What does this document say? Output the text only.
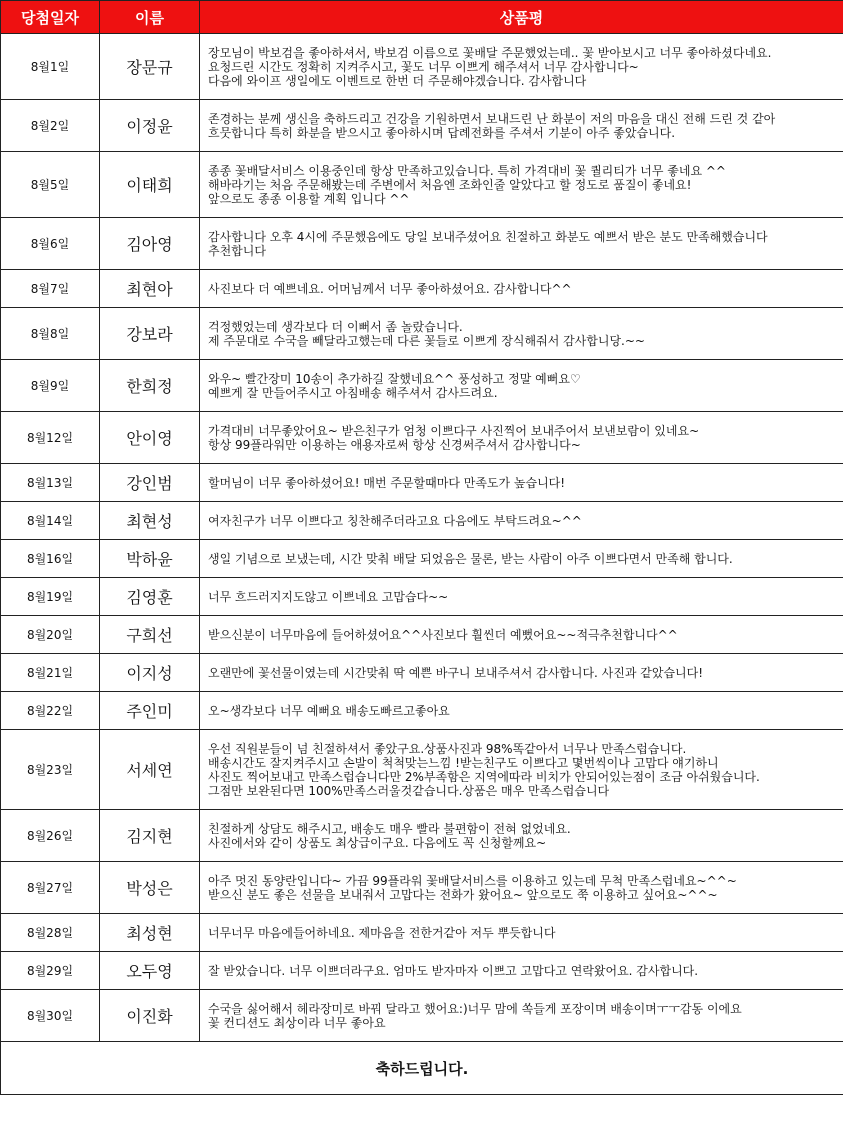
당첨일자	이름	상품평
8월1일	장문규	장모님이 박보검을 좋아하셔서, 박보검 이름으로 꽃배달 주문했었는데.. 꽃 받아보시고 너무 좋아하셨다네요.
요청드린 시간도 정확히 지켜주시고, 꽃도 너무 이쁘게 해주셔서 너무 감사합니다~
다음에 와이프 생일에도 이벤트로 한번 더 주문해야겠습니다. 감사합니다

8월2일	이정윤	존경하는 분께 생신을 축하드리고 건강을 기원하면서 보내드린 난 화분이 저의 마음을 대신 전해 드린 것 같아
흐뭇합니다 특히 화분을 받으시고 좋아하시며 답례전화를 주셔서 기분이 아주 좋았습니다.

8월5일	이태희	종종 꽃배달서비스 이용중인데 항상 만족하고있습니다. 특히 가격대비 꽃 퀄리티가 너무 좋네요 ^^
해바라기는 처음 주문해봤는데 주변에서 처음엔 조화인줄 알았다고 할 정도로 품질이 좋네요!
앞으로도 종종 이용할 계획 입니다 ^^

8월6일	김아영	감사합니다 오후 4시에 주문했음에도 당일 보내주셨어요 친절하고 화분도 예쁘서 받은 분도 만족해했습니다
추천합니다

8월7일	최현아	사진보다 더 예쁘네요. 어머님께서 너무 좋아하셨어요. 감사합니다^^

8월8일	강보라	걱정했었는데 생각보다 더 이뻐서 좀 놀랐습니다.
제 주문대로 수국을 빼달라고했는데 다른 꽃들로 이쁘게 장식해줘서 감사합니당.~~

8월9일	한희정	와우~ 빨간장미 10송이 추가하길 잘했네요^^ 풍성하고 정말 예뻐요♡
예쁘게 잘 만들어주시고 아침배송 해주셔서 감사드려요.

8월12일	안이영	가격대비 너무좋았어요~ 받은친구가 엄청 이쁘다구 사진찍어 보내주어서 보낸보람이 있네요~
항상 99플라워만 이용하는 애용자로써 항상 신경써주셔서 감사합니다~

8월13일	강인범	할머님이 너무 좋아하셨어요! 매번 주문할때마다 만족도가 높습니다!

8월14일	최현성	여자친구가 너무 이쁘다고 칭찬해주더라고요 다음에도 부탁드려요~^^

8월16일	박하윤	생일 기념으로 보냈는데, 시간 맞춰 배달 되었음은 물론, 받는 사람이 아주 이쁘다면서 만족해 합니다.

8월19일	김영훈	너무 흐드러지지도않고 이쁘네요 고맙습다~~

8월20일	구희선	받으신분이 너무마음에 들어하셨어요^^사진보다 훨씬더 예뻤어요~~적극추천합니다^^

8월21일	이지성	오랜만에 꽃선물이였는데 시간맞춰 딱 예쁜 바구니 보내주셔서 감사합니다. 사진과 같았습니다!

8월22일	주인미	오~생각보다 너무 예뻐요 배송도빠르고좋아요

8월23일	서세연	우선 직원분들이 넘 친절하셔서 좋았구요.상품사진과 98%똑같아서 너무나 만족스럽습니다.
배송시간도 잘지켜주시고 손발이 척척맞는느낌 !받는친구도 이쁘다고 몇번씩이나 고맙다 얘기하니
사진도 찍어보내고 만족스럽습니다만 2%부족함은 지역에따라 비치가 안되어있는점이 조금 아쉬웠습니다.
그점만 보완된다면 100%만족스러울것같습니다.상품은 매우 만족스럽습니다

8월26일	김지현	친절하게 상담도 해주시고, 배송도 매우 빨라 불편함이 전혀 없었네요.
사진에서와 같이 상품도 최상급이구요. 다음에도 꼭 신청할께요~

8월27일	박성은	아주 멋진 동양란입니다~ 가끔 99플라워 꽃배달서비스를 이용하고 있는데 무척 만족스럽네요~^^~
받으신 분도 좋은 선물을 보내줘서 고맙다는 전화가 왔어요~ 앞으로도 쭉 이용하고 싶어요~^^~

8월28일	최성현	너무너무 마음에들어하네요. 제마음을 전한거같아 저두 뿌듯합니다

8월29일	오두영	잘 받았습니다. 너무 이쁘더라구요. 엄마도 받자마자 이쁘고 고맙다고 연락왔어요. 감사합니다.

8월30일	이진화	수국을 싫어해서 헤라장미로 바꿔 달라고 했어요:)너무 맘에 쏙들게 포장이며 배송이며ㅜㅜ감동 이에요
꽃 컨디션도 최상이라 너무 좋아요

축하드립니다.		
